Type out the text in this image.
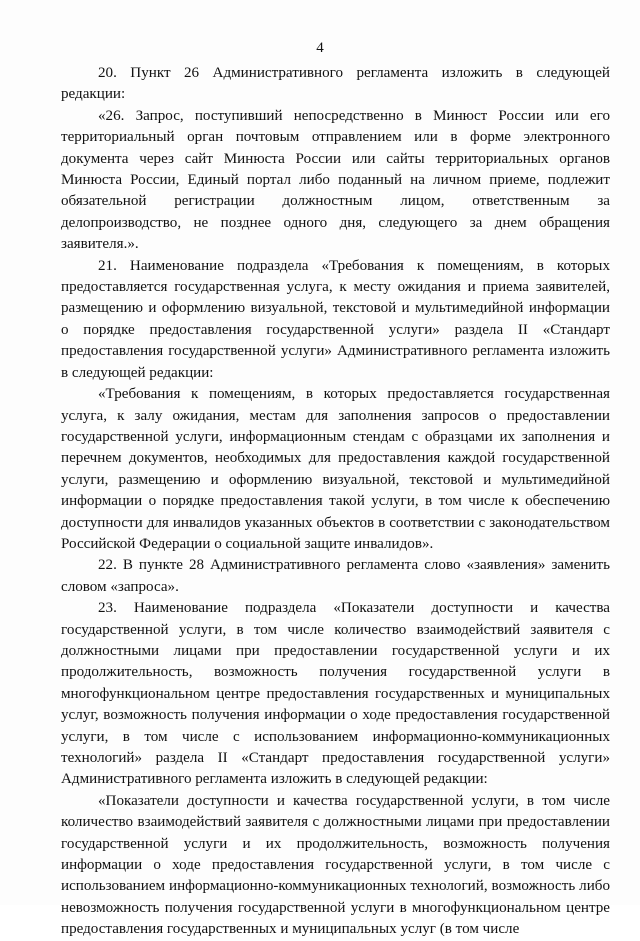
4

20. Пункт 26 Административного регламента изложить в следующей редакции:

«26. Запрос, поступивший непосредственно в Минюст России или его территориальный орган почтовым отправлением или в форме электронного документа через сайт Минюста России или сайты территориальных органов Минюста России, Единый портал либо поданный на личном приеме, подлежит обязательной регистрации должностным лицом, ответственным за делопроизводство, не позднее одного дня, следующего за днем обращения заявителя.».

21. Наименование подраздела «Требования к помещениям, в которых предоставляется государственная услуга, к месту ожидания и приема заявителей, размещению и оформлению визуальной, текстовой и мультимедийной информации о порядке предоставления государственной услуги» раздела II «Стандарт предоставления государственной услуги» Административного регламента изложить в следующей редакции:

«Требования к помещениям, в которых предоставляется государственная услуга, к залу ожидания, местам для заполнения запросов о предоставлении государственной услуги, информационным стендам с образцами их заполнения и перечнем документов, необходимых для предоставления каждой государственной услуги, размещению и оформлению визуальной, текстовой и мультимедийной информации о порядке предоставления такой услуги, в том числе к обеспечению доступности для инвалидов указанных объектов в соответствии с законодательством Российской Федерации о социальной защите инвалидов».

22. В пункте 28 Административного регламента слово «заявления» заменить словом «запроса».

23. Наименование подраздела «Показатели доступности и качества государственной услуги, в том числе количество взаимодействий заявителя с должностными лицами при предоставлении государственной услуги и их продолжительность, возможность получения государственной услуги в многофункциональном центре предоставления государственных и муниципальных услуг, возможность получения информации о ходе предоставления государственной услуги, в том числе с использованием информационно-коммуникационных технологий» раздела II «Стандарт предоставления государственной услуги» Административного регламента изложить в следующей редакции:

«Показатели доступности и качества государственной услуги, в том числе количество взаимодействий заявителя с должностными лицами при предоставлении государственной услуги и их продолжительность, возможность получения информации о ходе предоставления государственной услуги, в том числе с использованием информационно-коммуникационных технологий, возможность либо невозможность получения государственной услуги в многофункциональном центре предоставления государственных и муниципальных услуг (в том числе
